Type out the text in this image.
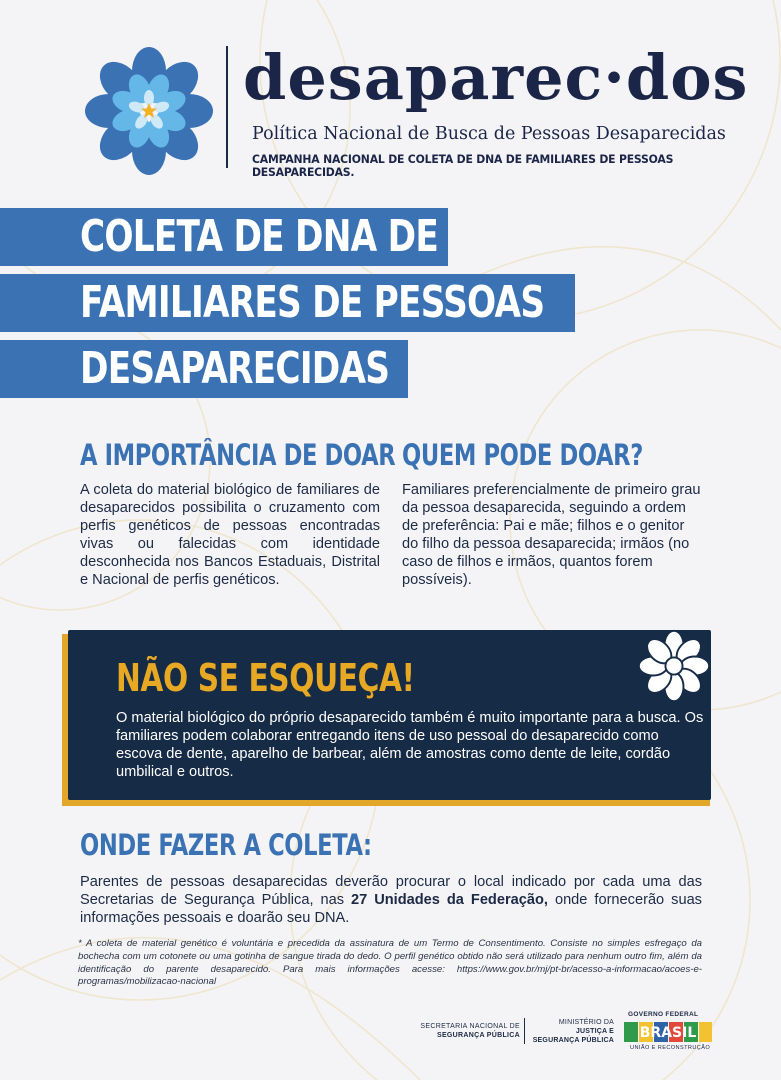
desaparec·dos
Política Nacional de Busca de Pessoas Desaparecidas
CAMPANHA NACIONAL DE COLETA DE DNA DE FAMILIARES DE PESSOAS DESAPARECIDAS.
COLETA DE DNA DE
FAMILIARES DE PESSOAS
DESAPARECIDAS
A IMPORTÂNCIA DE DOAR
A coleta do material biológico de familiares de desaparecidos possibilita o cruzamento com perfis genéticos de pessoas encontradas vivas ou falecidas com identidade desconhecida nos Bancos Estaduais, Distrital e Nacional de perfis genéticos.
QUEM PODE DOAR?
Familiares preferencialmente de primeiro grau da pessoa desaparecida, seguindo a ordem de preferência: Pai e mãe; filhos e o genitor do filho da pessoa desaparecida; irmãos (no caso de filhos e irmãos, quantos forem possíveis).
NÃO SE ESQUEÇA!
O material biológico do próprio desaparecido também é muito importante para a busca. Os familiares podem colaborar entregando itens de uso pessoal do desaparecido como escova de dente, aparelho de barbear, além de amostras como dente de leite, cordão umbilical e outros.
ONDE FAZER A COLETA:
Parentes de pessoas desaparecidas deverão procurar o local indicado por cada uma das Secretarias de Segurança Pública, nas 27 Unidades da Federação, onde fornecerão suas informações pessoais e doarão seu DNA.
* A coleta de material genético é voluntária e precedida da assinatura de um Termo de Consentimento. Consiste no simples esfregaço da bochecha com um cotonete ou uma gotinha de sangue tirada do dedo. O perfil genético obtido não será utilizado para nenhum outro fim, além da identificação do parente desaparecido. Para mais informações acesse: https://www.gov.br/mj/pt-br/acesso-a-informacao/acoes-e-programas/mobilizacao-nacional
SECRETARIA NACIONAL DE
SEGURANÇA PÚBLICA
MINISTÉRIO DA
JUSTIÇA E
SEGURANÇA PÚBLICA
GOVERNO FEDERAL
BRASIL
UNIÃO E RECONSTRUÇÃO
